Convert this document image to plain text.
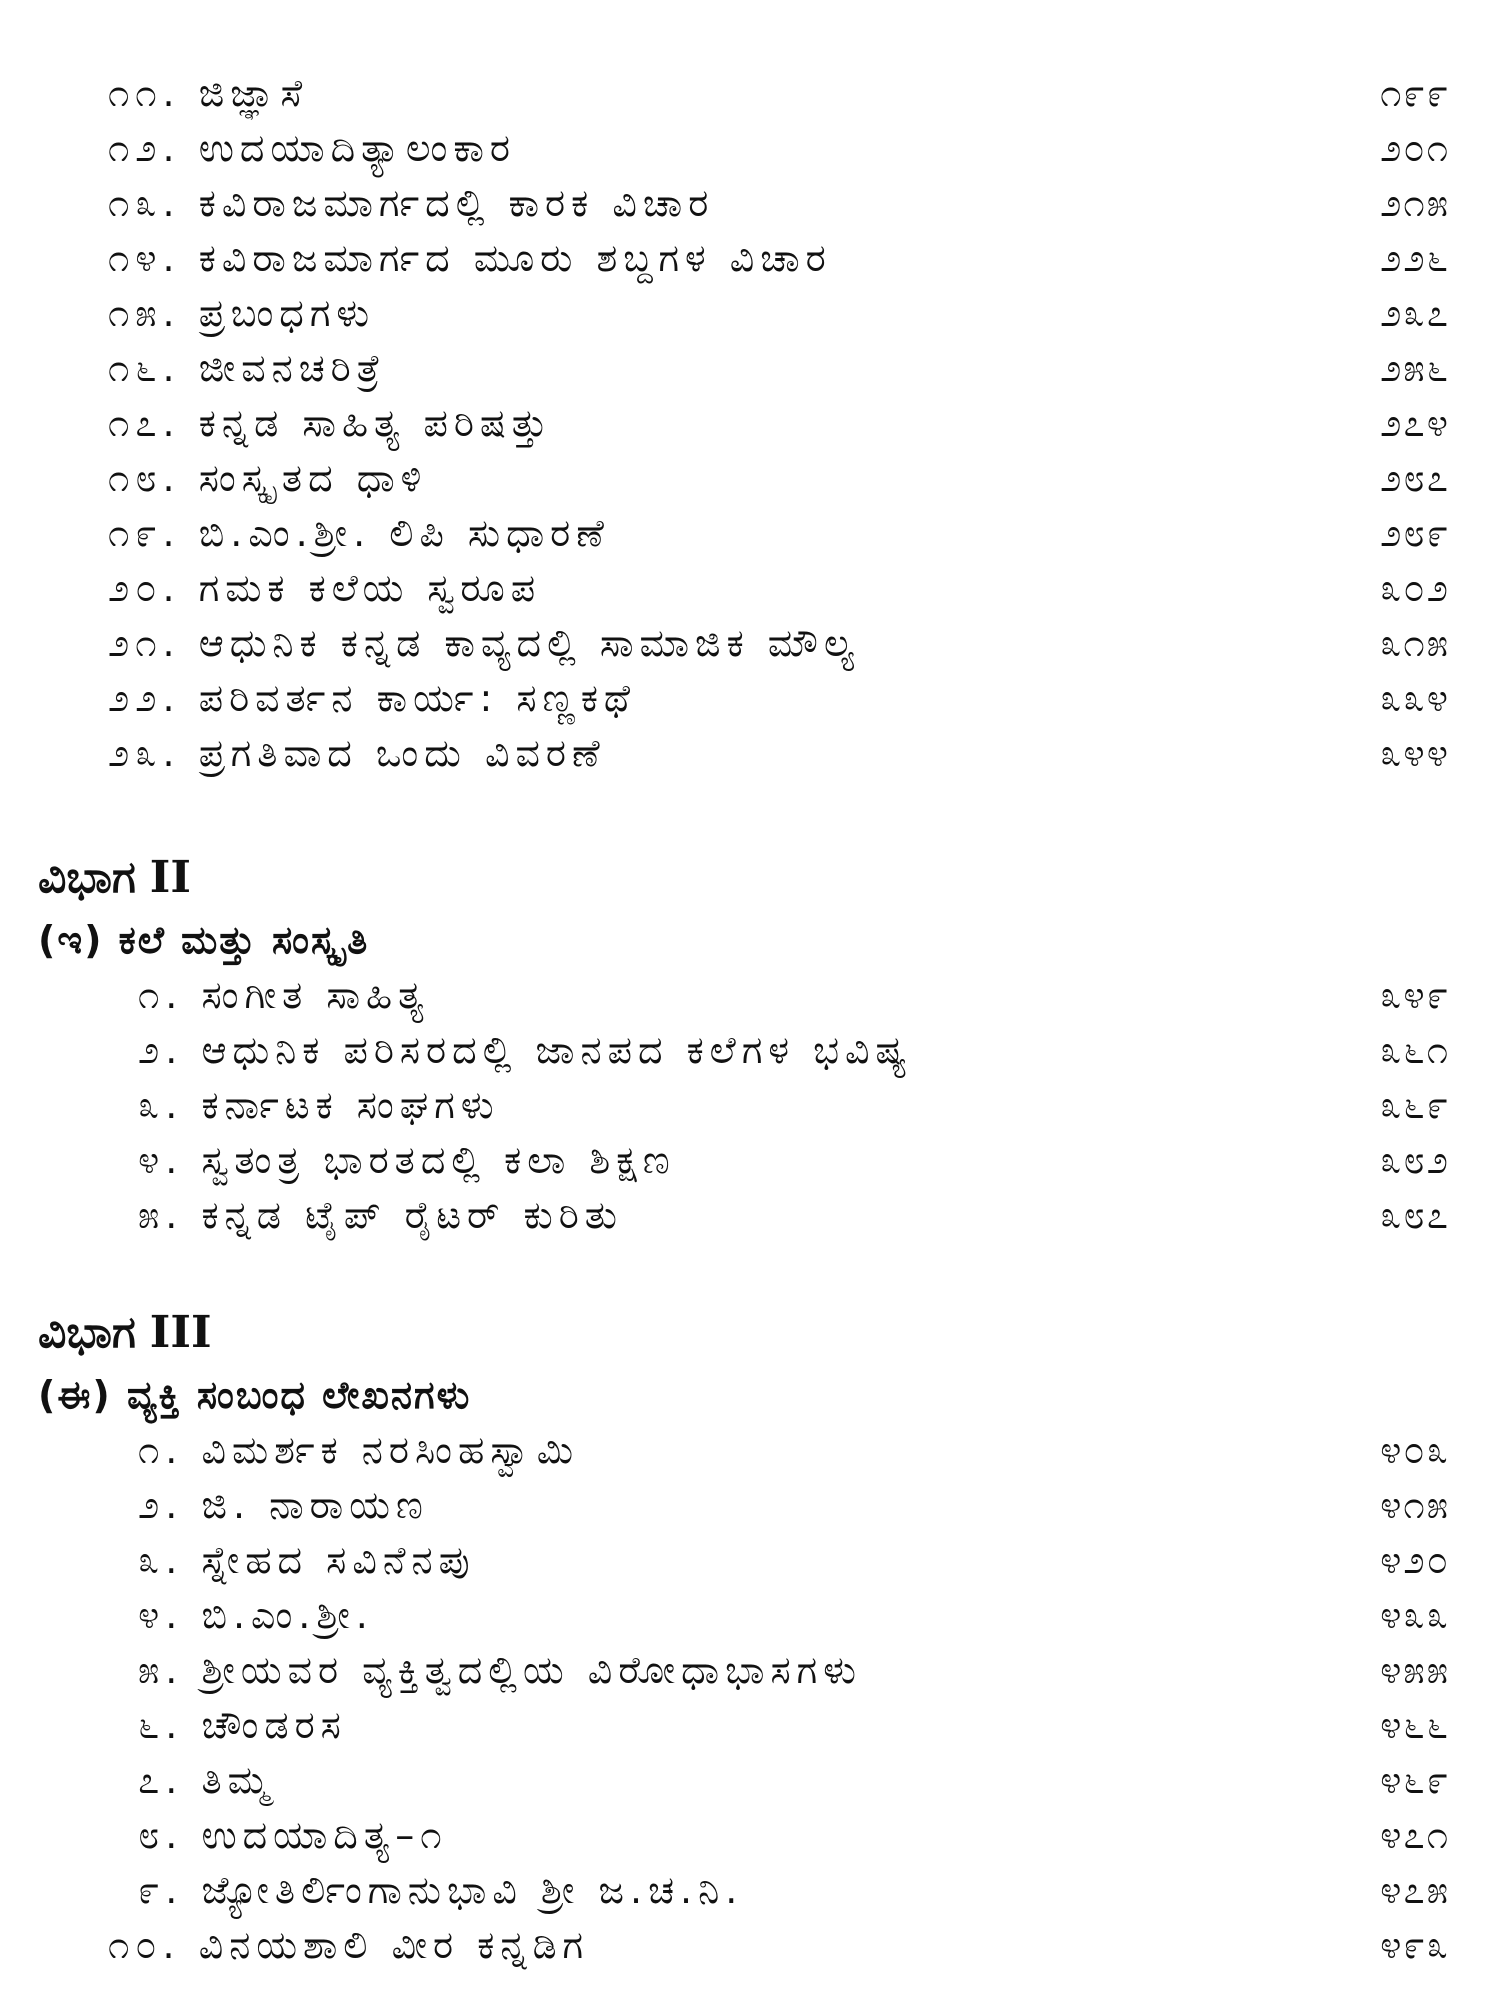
೧೧. ಜಿಜ್ಞಾಸೆ
೧೨. ಉದಯಾದಿತ್ಯಾಲಂಕಾರ
೧೩. ಕವಿರಾಜಮಾರ್ಗದಲ್ಲಿ ಕಾರಕ ವಿಚಾರ
೧೪. ಕವಿರಾಜಮಾರ್ಗದ ಮೂರು ಶಬ್ದಗಳ ವಿಚಾರ
೧೫. ಪ್ರಬಂಧಗಳು
೧೬. ಜೀವನಚರಿತ್ರೆ
೧೭. ಕನ್ನಡ ಸಾಹಿತ್ಯ ಪರಿಷತ್ತು
೧೮. ಸಂಸ್ಕೃತದ ಧಾಳಿ
೧೯. ಬಿ.ಎಂ.ಶ್ರೀ. ಲಿಪಿ ಸುಧಾರಣೆ
೨೦. ಗಮಕ ಕಲೆಯ ಸ್ವರೂಪ
೨೧. ಆಧುನಿಕ ಕನ್ನಡ ಕಾವ್ಯದಲ್ಲಿ ಸಾಮಾಜಿಕ ಮೌಲ್ಯ
೨೨. ಪರಿವರ್ತನ ಕಾರ್ಯ: ಸಣ್ಣಕಥೆ
೨೩. ಪ್ರಗತಿವಾದ ಒಂದು ವಿವರಣೆ
೧೯೯
೨೦೧
೨೧೫
೨೨೬
೨೩೭
೨೫೬
೨೭೪
೨೮೭
೨೮೯
೩೦೨
೩೧೫
೩೩೪
೩೪೪
ವಿಭಾಗ II
(ಇ) ಕಲೆ ಮತ್ತು ಸಂಸ್ಕೃತಿ
೧. ಸಂಗೀತ ಸಾಹಿತ್ಯ
೨. ಆಧುನಿಕ ಪರಿಸರದಲ್ಲಿ ಜಾನಪದ ಕಲೆಗಳ ಭವಿಷ್ಯ
೩. ಕರ್ನಾಟಕ ಸಂಘಗಳು
೪. ಸ್ವತಂತ್ರ ಭಾರತದಲ್ಲಿ ಕಲಾ ಶಿಕ್ಷಣ
೫. ಕನ್ನಡ ಟೈಪ್ ರೈಟರ್ ಕುರಿತು
೩೪೯
೩೬೧
೩೬೯
೩೮೨
೩೮೭
ವಿಭಾಗ III
(ಈ) ವ್ಯಕ್ತಿ ಸಂಬಂಧ ಲೇಖನಗಳು
೧. ವಿಮರ್ಶಕ ನರಸಿಂಹಸ್ವಾಮಿ
೨. ಜಿ. ನಾರಾಯಣ
೩. ಸ್ನೇಹದ ಸವಿನೆನಪು
೪. ಬಿ.ಎಂ.ಶ್ರೀ.
೫. ಶ್ರೀಯವರ ವ್ಯಕ್ತಿತ್ವದಲ್ಲಿಯ ವಿರೋಧಾಭಾಸಗಳು
೬. ಚೌಂಡರಸ
೭. ತಿಮ್ಮ
೮. ಉದಯಾದಿತ್ಯ–೧
೯. ಜ್ಯೋತಿರ್ಲಿಂಗಾನುಭಾವಿ ಶ್ರೀ ಜ.ಚ.ನಿ.
೧೦. ವಿನಯಶಾಲಿ ವೀರ ಕನ್ನಡಿಗ
೪೦೩
೪೧೫
೪೨೦
೪೩೩
೪೫೫
೪೬೬
೪೬೯
೪೭೧
೪೭೫
೪೯೩
